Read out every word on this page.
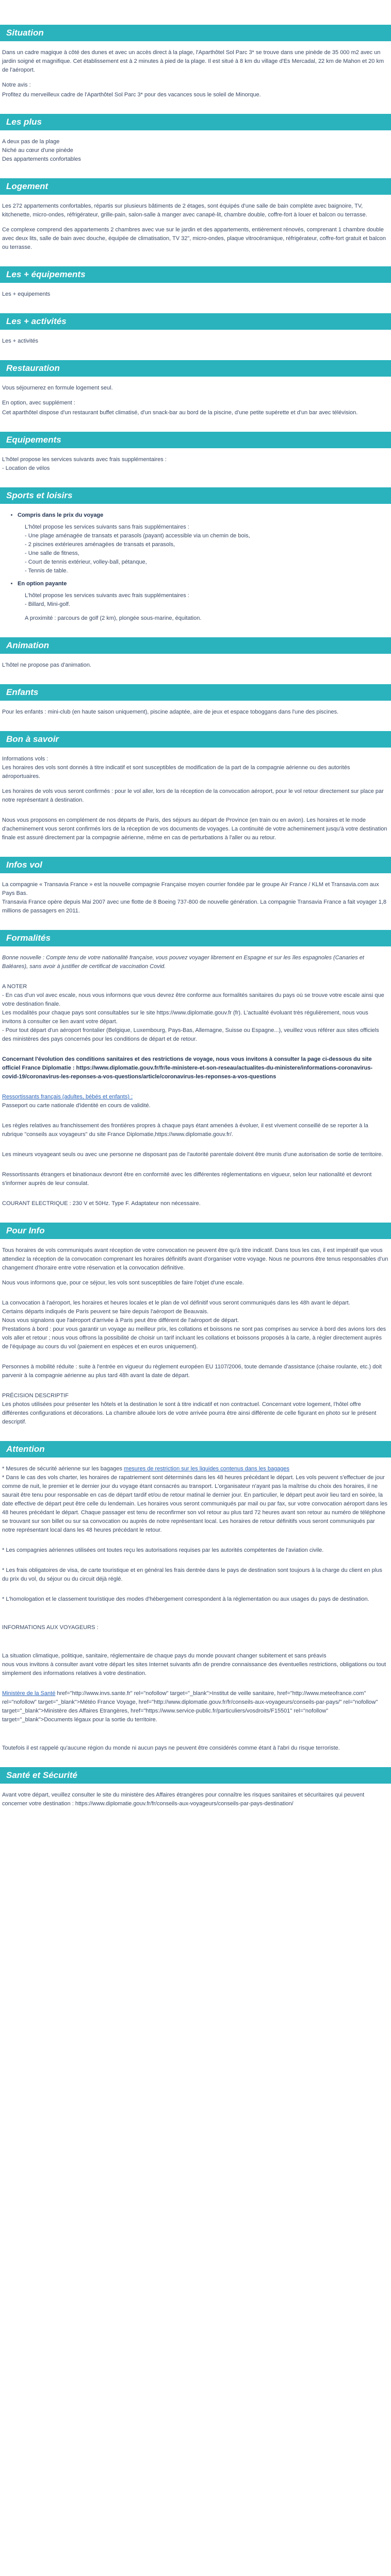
Situation

Dans un cadre magique à côté des dunes et avec un accès direct à la plage, l'Aparthôtel Sol Parc 3* se trouve dans une pinède de 35 000 m2 avec un jardin soigné et magnifique. Cet établissement est à 2 minutes à pied de la plage. Il est situé à 8 km du village d'Es Mercadal, 22 km de Mahon et 20 km de l'aéroport.

Notre avis :

Profitez du merveilleux cadre de l'Aparthôtel Sol Parc 3* pour des vacances sous le soleil de Minorque.

Les plus
A deux pas de la plage
Niché au cœur d'une pinède
Des appartements confortables
Logement

Les 272 appartements confortables, répartis sur plusieurs bâtiments de 2 étages, sont équipés d'une salle de bain complète avec baignoire, TV, kitchenette, micro-ondes, réfrigérateur, grille-pain, salon-salle à manger avec canapé-lit, chambre double, coffre-fort à louer et balcon ou terrasse.

Ce complexe comprend des appartements 2 chambres avec vue sur le jardin et des appartements, entièrement rénovés, comprenant 1 chambre double avec deux lits, salle de bain avec douche, équipée de climatisation, TV 32", micro-ondes, plaque vitrocéramique, réfrigérateur, coffre-fort gratuit et balcon ou terrasse.

Les + équipements

Les + equipements

Les + activités

Les + activités

Restauration

Vous séjournerez en formule logement seul.

En option, avec supplément :

Cet aparthôtel dispose d'un restaurant buffet climatisé, d'un snack-bar au bord de la piscine, d'une petite supérette et d'un bar avec télévision.

Equipements
L'hôtel propose les services suivants avec frais supplémentaires :
- Location de vélos
Sports et loisirs
• Compris dans le prix du voyage
L'hôtel propose les services suivants sans frais supplémentaires :
- Une plage aménagée de transats et parasols (payant) accessible via un chemin de bois,
- 2 piscines extérieures aménagées de transats et parasols,
- Une salle de fitness,
- Court de tennis extérieur, volley-ball, pétanque,
- Tennis de table.
• En option payante
L'hôtel propose les services suivants avec frais supplémentaires :
- Billard, Mini-golf.
A proximité : parcours de golf (2 km), plongée sous-marine, équitation.
Animation

L'hôtel ne propose pas d'animation.

Enfants

Pour les enfants : mini-club (en haute saison uniquement), piscine adaptée, aire de jeux et espace toboggans dans l'une des piscines.

Bon à savoir
Informations vols :

Les horaires des vols sont donnés à titre indicatif et sont susceptibles de modification de la part de la compagnie aérienne ou des autorités aéroportuaires.

Les horaires de vols vous seront confirmés : pour le vol aller, lors de la réception de la convocation aéroport, pour le vol retour directement sur place par notre représentant à destination.

Nous vous proposons en complément de nos départs de Paris, des séjours au départ de Province (en train ou en avion). Les horaires et le mode d'acheminement vous seront confirmés lors de la réception de vos documents de voyages. La continuité de votre acheminement jusqu'à votre destination finale est assuré directement par la compagnie aérienne, même en cas de perturbations à l'aller ou au retour.

Infos vol
La compagnie « Transavia France » est la nouvelle compagnie Française moyen courrier fondée par le groupe Air France / KLM et Transavia.com aux Pays Bas.

Transavia France opère depuis Mai 2007 avec une flotte de 8 Boeing 737-800 de nouvelle génération. La compagnie Transavia France a fait voyager 1,8 millions de passagers en 2011.

Formalités

Bonne nouvelle : Compte tenu de votre nationalité française, vous pouvez voyager librement en Espagne et sur les îles espagnoles (Canaries et Baléares), sans avoir à justifier de certificat de vaccination Covid.

A NOTER
- En cas d'un vol avec escale, nous vous informons que vous devrez être conforme aux formalités sanitaires du pays où se trouve votre escale ainsi que votre destination finale.
Les modalités pour chaque pays sont consultables sur le site https://www.diplomatie.gouv.fr (fr). L'actualité évoluant très régulièrement, nous vous invitons à consulter ce lien avant votre départ.

- Pour tout départ d'un aéroport frontalier (Belgique, Luxembourg, Pays-Bas, Allemagne, Suisse ou Espagne...), veuillez vous référer aux sites officiels des ministères des pays concernés pour les conditions de départ et de retour.

Concernant l'évolution des conditions sanitaires et des restrictions de voyage, nous vous invitons à consulter la page ci-dessous du site officiel France Diplomatie : https://www.diplomatie.gouv.fr/fr/le-ministere-et-son-reseau/actualites-du-ministere/informations-coronavirus-covid-19/coronavirus-les-reponses-a-vos-questions/article/coronavirus-les-reponses-a-vos-questions

Ressortissants français (adultes, bébés et enfants) :

Passeport ou carte nationale d'identité en cours de validité.

Les règles relatives au franchissement des frontières propres à chaque pays étant amenées à évoluer, il est vivement conseillé de se reporter à la rubrique "conseils aux voyageurs" du site France Diplomatie,https://www.diplomatie.gouv.fr/.

Les mineurs voyageant seuls ou avec une personne ne disposant pas de l'autorité parentale doivent être munis d'une autorisation de sortie de territoire.

Ressortissants étrangers et binationaux devront être en conformité avec les différentes réglementations en vigueur, selon leur nationalité et devront s'informer auprès de leur consulat.

COURANT ELECTRIQUE : 230 V et 50Hz. Type F. Adaptateur non nécessaire.

Pour Info

Tous horaires de vols communiqués avant réception de votre convocation ne peuvent être qu'à titre indicatif. Dans tous les cas, il est impératif que vous attendiez la réception de la convocation comprenant les horaires définitifs avant d'organiser votre voyage. Nous ne pourrons être tenus responsables d'un changement d'horaire entre votre réservation et la convocation définitive.

Nous vous informons que, pour ce séjour, les vols sont susceptibles de faire l'objet d'une escale.

La convocation à l'aéroport, les horaires et heures locales et le plan de vol définitif vous seront communiqués dans les 48h avant le départ.
Certains départs indiqués de Paris peuvent se faire depuis l'aéroport de Beauvais.
Nous vous signalons que l'aéroport d'arrivée à Paris peut être différent de l'aéroport de départ.

Prestations à bord : pour vous garantir un voyage au meilleur prix, les collations et boissons ne sont pas comprises au service à bord des avions lors des vols aller et retour ; nous vous offrons la possibilité de choisir un tarif incluant les collations et boissons proposés à la carte, à régler directement auprès de l'équipage au cours du vol (paiement en espèces et en euros uniquement).

Personnes à mobilité réduite : suite à l'entrée en vigueur du règlement européen EU 1107/2006, toute demande d'assistance (chaise roulante, etc.) doit parvenir à la compagnie aérienne au plus tard 48h avant la date de départ.

PRÉCISION DESCRIPTIF

Les photos utilisées pour présenter les hôtels et la destination le sont à titre indicatif et non contractuel. Concernant votre logement, l'hôtel offre différentes configurations et décorations. La chambre allouée lors de votre arrivée pourra être ainsi différente de celle figurant en photo sur le présent descriptif.

Attention
* Mesures de sécurité aérienne sur les bagages mesures de restriction sur les liquides contenus dans les bagages

* Dans le cas des vols charter, les horaires de rapatriement sont déterminés dans les 48 heures précédant le départ. Les vols peuvent s'effectuer de jour comme de nuit, le premier et le dernier jour du voyage étant consacrés au transport. L'organisateur n'ayant pas la maîtrise du choix des horaires, il ne saurait être tenu pour responsable en cas de départ tardif et/ou de retour matinal le dernier jour. En particulier, le départ peut avoir lieu tard en soirée, la date effective de départ peut être celle du lendemain. Les horaires vous seront communiqués par mail ou par fax, sur votre convocation aéroport dans les 48 heures précédant le départ. Chaque passager est tenu de reconfirmer son vol retour au plus tard 72 heures avant son retour au numéro de téléphone se trouvant sur son billet ou sur sa convocation ou auprès de notre représentant local. Les horaires de retour définitifs vous seront communiqués par notre représentant local dans les 48 heures précédant le retour.

* Les compagnies aériennes utilisées ont toutes reçu les autorisations requises par les autorités compétentes de l'aviation civile.

* Les frais obligatoires de visa, de carte touristique et en général les frais dentrée dans le pays de destination sont toujours à la charge du client en plus du prix du vol, du séjour ou du circuit déjà réglé.

* L'homologation et le classement touristique des modes d'hébergement correspondent à la réglementation ou aux usages du pays de destination.

INFORMATIONS AUX VOYAGEURS :

La situation climatique, politique, sanitaire, réglementaire de chaque pays du monde pouvant changer subitement et sans préavis

nous vous invitons à consulter avant votre départ les sites Internet suivants afin de prendre connaissance des éventuelles restrictions, obligations ou tout simplement des informations relatives à votre destination.

Ministère de la Santé href="http://www.invs.sante.fr" rel="nofollow" target="_blank">Institut de veille sanitaire, href="http://www.meteofrance.com" rel="nofollow" target="_blank">Météo France Voyage, href="http://www.diplomatie.gouv.fr/fr/conseils-aux-voyageurs/conseils-par-pays/" rel="nofollow" target="_blank">Ministère des Affaires Etrangères, href="https://www.service-public.fr/particuliers/vosdroits/F15501" rel="nofollow" target="_blank">Documents légaux pour la sortie du territoire.

Toutefois il est rappelé qu'aucune région du monde ni aucun pays ne peuvent être considérés comme étant à l'abri du risque terroriste.

Santé et Sécurité

Avant votre départ, veuillez consulter le site du ministère des Affaires étrangères pour connaître les risques sanitaires et sécuritaires qui peuvent concerner votre destination : https://www.diplomatie.gouv.fr/fr/conseils-aux-voyageurs/conseils-par-pays-destination/
